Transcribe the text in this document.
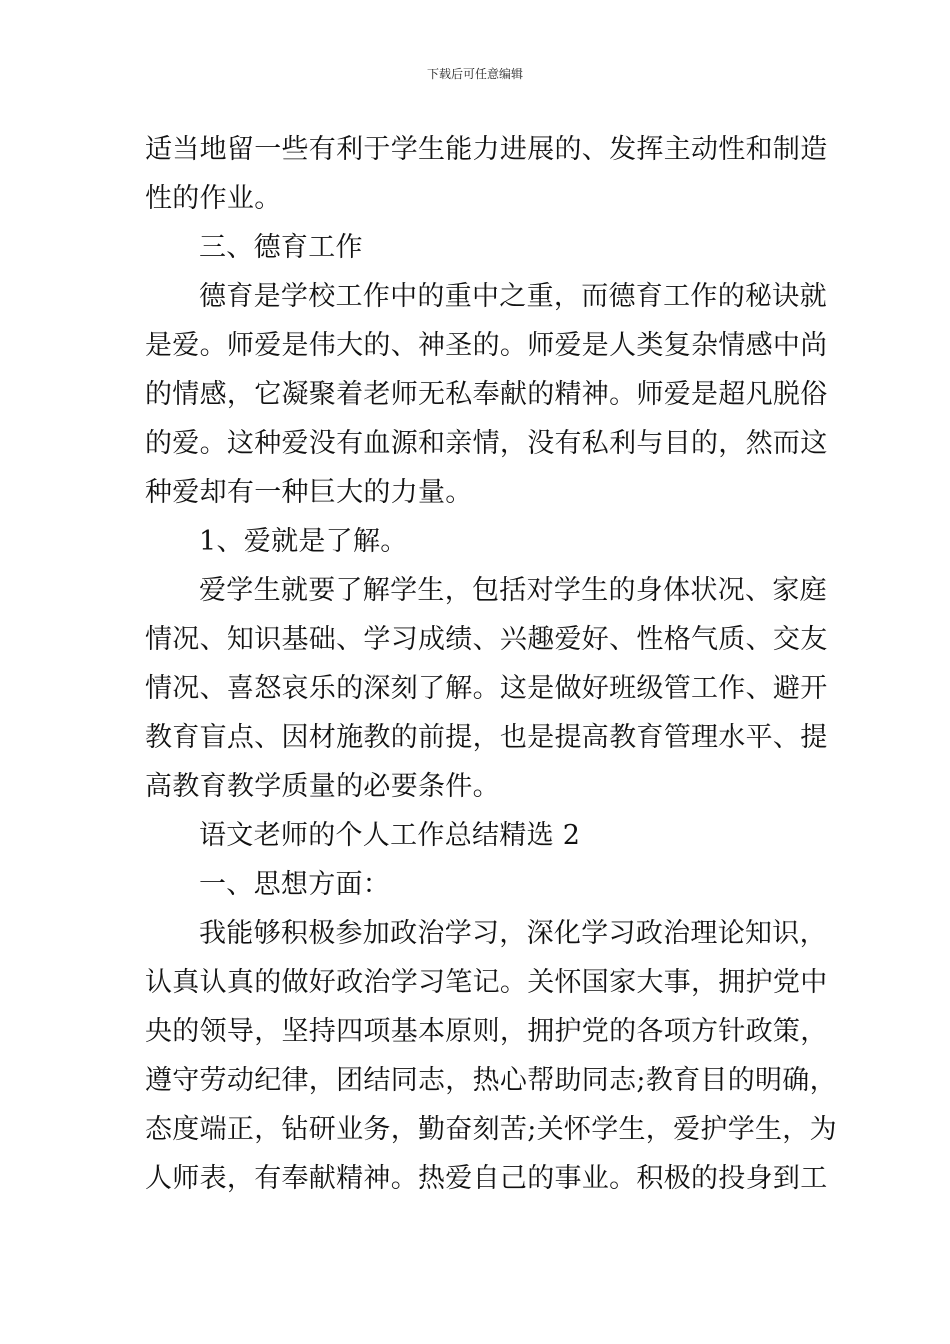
下载后可任意编辑
适当地留一些有利于学生能力进展的、发挥主动性和制造
性的作业。
三、德育工作
德育是学校工作中的重中之重，而德育工作的秘诀就
是爱。师爱是伟大的、神圣的。师爱是人类复杂情感中尚
的情感，它凝聚着老师无私奉献的精神。师爱是超凡脱俗
的爱。这种爱没有血源和亲情，没有私利与目的，然而这
种爱却有一种巨大的力量。
1、爱就是了解。
爱学生就要了解学生，包括对学生的身体状况、家庭
情况、知识基础、学习成绩、兴趣爱好、性格气质、交友
情况、喜怒哀乐的深刻了解。这是做好班级管工作、避开
教育盲点、因材施教的前提，也是提高教育管理水平、提
高教育教学质量的必要条件。
语文老师的个人工作总结精选 2
一、思想方面：
我能够积极参加政治学习，深化学习政治理论知识，
认真认真的做好政治学习笔记。关怀国家大事，拥护党中
央的领导，坚持四项基本原则，拥护党的各项方针政策，
遵守劳动纪律，团结同志，热心帮助同志;教育目的明确，
态度端正，钻研业务，勤奋刻苦;关怀学生，爱护学生，为
人师表，有奉献精神。热爱自己的事业。积极的投身到工
